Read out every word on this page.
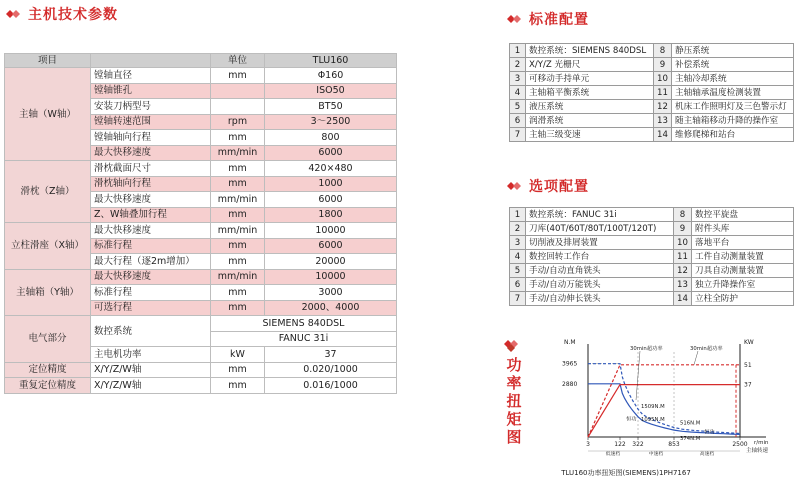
主机技术参数
项目		单位	TLU160
主轴（W轴）	镗轴直径	mm	Φ160
	镗轴锥孔		ISO50
	安装刀柄型号		BT50
	镗轴转速范围	rpm	3～2500
	镗轴轴向行程	mm	800
	最大快移速度	mm/min	6000
滑枕（Z轴）	滑枕截面尺寸	mm	420×480
	滑枕轴向行程	mm	1000
	最大快移速度	mm/min	6000
	Z、W轴叠加行程	mm	1800
立柱滑座（X轴）	最大快移速度	mm/min	10000
	标准行程	mm	6000
	最大行程（逐2m增加）	mm	20000
主轴箱（Y轴）	最大快移速度	mm/min	10000
	标准行程	mm	3000
	可选行程	mm	2000、4000
电气部分	数控系统	SIEMENS 840DSL	
		FANUC 31i	
	主电机功率	kW	37
定位精度	X/Y/Z/W轴	mm	0.020/1000
重复定位精度	X/Y/Z/W轴	mm	0.016/1000
标准配置
1	数控系统：SIEMENS 840DSL	8	静压系统
2	X/Y/Z 光栅尺	9	补偿系统
3	可移动手持单元	10	主轴冷却系统
4	主轴箱平衡系统	11	主轴轴承温度检测装置
5	液压系统	12	机床工作照明灯及三色警示灯
6	润滑系统	13	随主轴箱移动升降的操作室
7	主轴三级变速	14	维修爬梯和站台
选项配置
1	数控系统：FANUC 31i	8	数控平旋盘
2	刀库(40T/60T/80T/100T/120T)	9	附件头库
3	切削液及排屑装置	10	落地平台
4	数控回转工作台	11	工件自动测量装置
5	手动/自动直角铣头	12	刀具自动测量装置
6	手动/自动万能铣头	13	独立升降操作室
7	手动/自动伸长铣头	14	立柱全防护
功
率
扭
矩
图
N.M	KW
r/min
主轴转速
3965
2880
51
37
3	122 322	853	2500
低速档	中速档	高速档
30min超功率	30min超功率
1509N.M
1095N.M
516N.M
374N.M
恒功
恒功
TLU160功率扭矩图(SIEMENS)1PH7167
